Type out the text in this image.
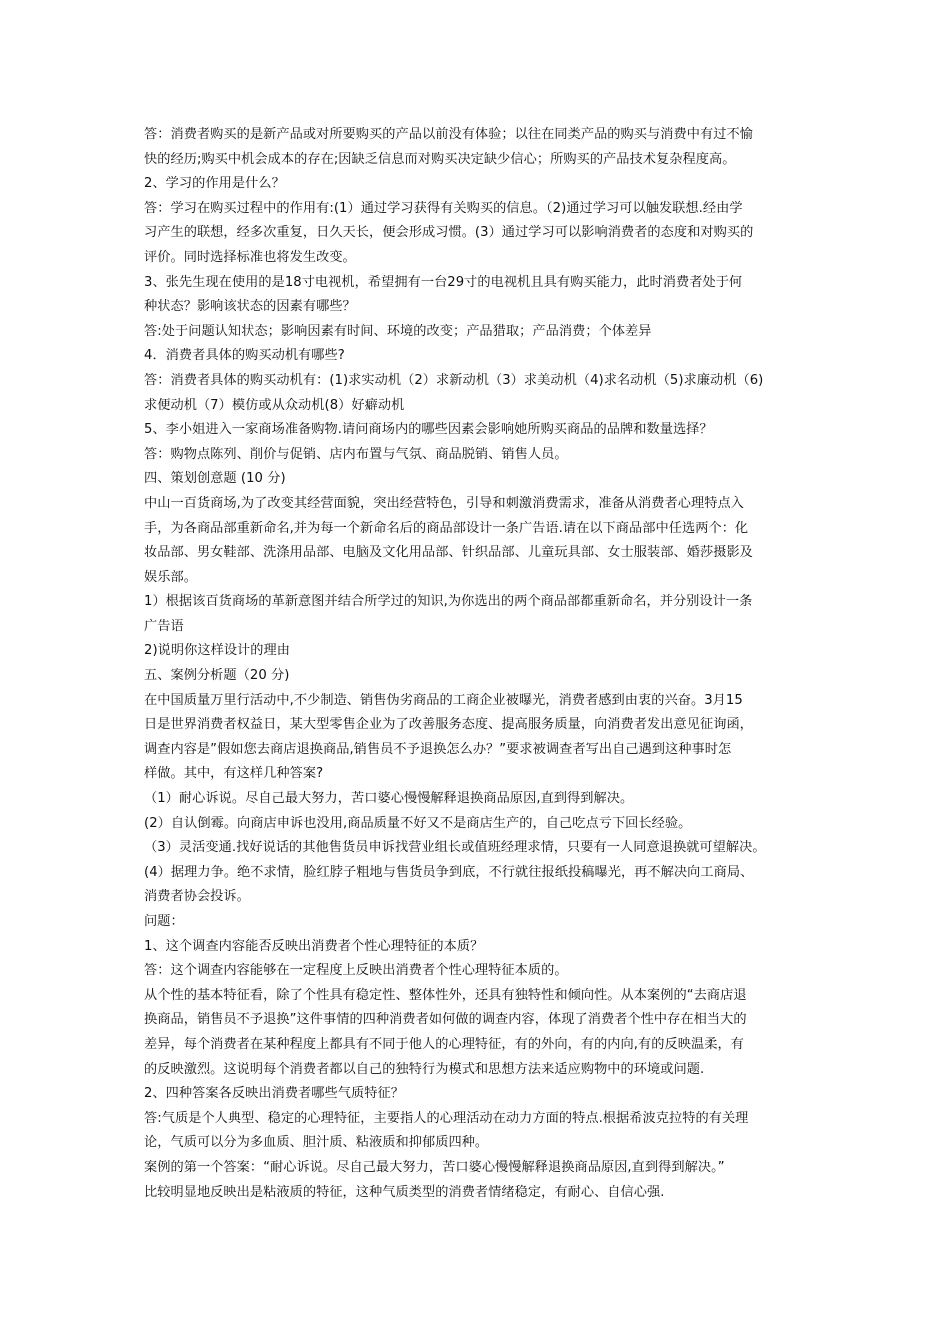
答：消费者购买的是新产品或对所要购买的产品以前没有体验；以往在同类产品的购买与消费中有过不愉
快的经历;购买中机会成本的存在;因缺乏信息而对购买决定缺少信心；所购买的产品技术复杂程度高。
2、学习的作用是什么？
答：学习在购买过程中的作用有:(1）通过学习获得有关购买的信息。（2)通过学习可以触发联想.经由学
习产生的联想，经多次重复，日久天长，便会形成习惯。(3）通过学习可以影响消费者的态度和对购买的
评价。同时选择标准也将发生改变。
3、张先生现在使用的是18寸电视机，希望拥有一台29寸的电视机且具有购买能力，此时消费者处于何
种状态？影响该状态的因素有哪些？
答:处于问题认知状态；影响因素有时间、环境的改变；产品猎取；产品消费；个体差异
4．消费者具体的购买动机有哪些?
答：消费者具体的购买动机有：(1)求实动机（2）求新动机（3）求美动机（4)求名动机（5)求廉动机（6)
求便动机（7）模仿或从众动机(8）好癖动机
5、李小姐进入一家商场准备购物.请问商场内的哪些因素会影响她所购买商品的品牌和数量选择？
答：购物点陈列、削价与促销、店内布置与气氛、商品脱销、销售人员。
四、策划创意题 (10 分)
中山一百货商场,为了改变其经营面貌，突出经营特色，引导和刺激消费需求，准备从消费者心理特点入
手，为各商品部重新命名,并为每一个新命名后的商品部设计一条广告语.请在以下商品部中任选两个：化
妆品部、男女鞋部、洗涤用品部、电脑及文化用品部、针织品部、儿童玩具部、女士服装部、婚莎摄影及
娱乐部。
1）根据该百货商场的革新意图并结合所学过的知识,为你选出的两个商品部都重新命名，并分别设计一条
广告语
2)说明你这样设计的理由
五、案例分析题（20 分)
在中国质量万里行活动中,不少制造、销售伪劣商品的工商企业被曝光，消费者感到由衷的兴奋。3月15
日是世界消费者权益日，某大型零售企业为了改善服务态度、提高服务质量，向消费者发出意见征询函，
调查内容是”假如您去商店退换商品,销售员不予退换怎么办？”要求被调查者写出自己遇到这种事时怎
样做。其中，有这样几种答案?
（1）耐心诉说。尽自己最大努力，苦口婆心慢慢解释退换商品原因,直到得到解决。
(2）自认倒霉。向商店申诉也没用,商品质量不好又不是商店生产的，自己吃点亏下回长经验。
（3）灵活变通.找好说话的其他售货员申诉找营业组长或值班经理求情，只要有一人同意退换就可望解决。
(4）据理力争。绝不求情，脸红脖子粗地与售货员争到底，不行就往报纸投稿曝光，再不解决向工商局、
消费者协会投诉。
问题：
1、这个调查内容能否反映出消费者个性心理特征的本质？
答：这个调查内容能够在一定程度上反映出消费者个性心理特征本质的。
从个性的基本特征看，除了个性具有稳定性、整体性外，还具有独特性和倾向性。从本案例的“去商店退
换商品，销售员不予退换”这件事情的四种消费者如何做的调查内容，体现了消费者个性中存在相当大的
差异，每个消费者在某种程度上都具有不同于他人的心理特征，有的外向，有的内向,有的反映温柔，有
的反映激烈。这说明每个消费者都以自己的独特行为模式和思想方法来适应购物中的环境或问题.
2、四种答案各反映出消费者哪些气质特征？
答:气质是个人典型、稳定的心理特征，主要指人的心理活动在动力方面的特点.根据希波克拉特的有关理
论，气质可以分为多血质、胆汁质、粘液质和抑郁质四种。
案例的第一个答案：“耐心诉说。尽自己最大努力，苦口婆心慢慢解释退换商品原因,直到得到解决。”
比较明显地反映出是粘液质的特征，这种气质类型的消费者情绪稳定，有耐心、自信心强.
